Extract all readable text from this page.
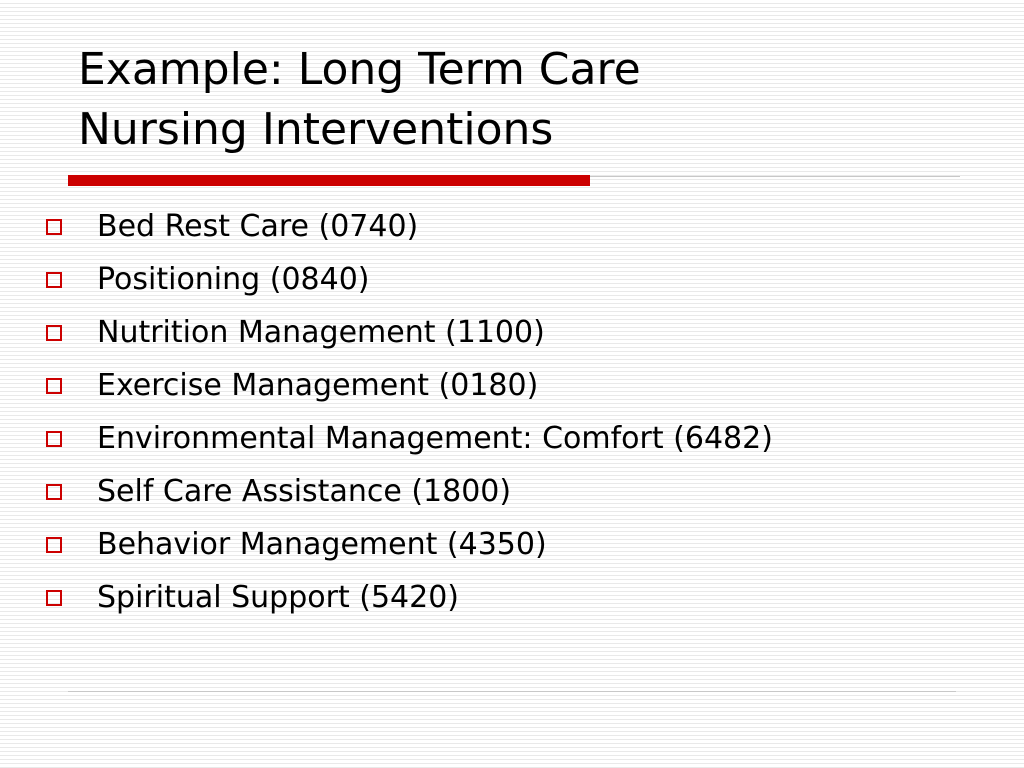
Example: Long Term Care
Nursing Interventions
Bed Rest Care (0740)
Positioning (0840)
Nutrition Management (1100)
Exercise Management (0180)
Environmental Management: Comfort (6482)
Self Care Assistance (1800)
Behavior Management (4350)
Spiritual Support (5420)
